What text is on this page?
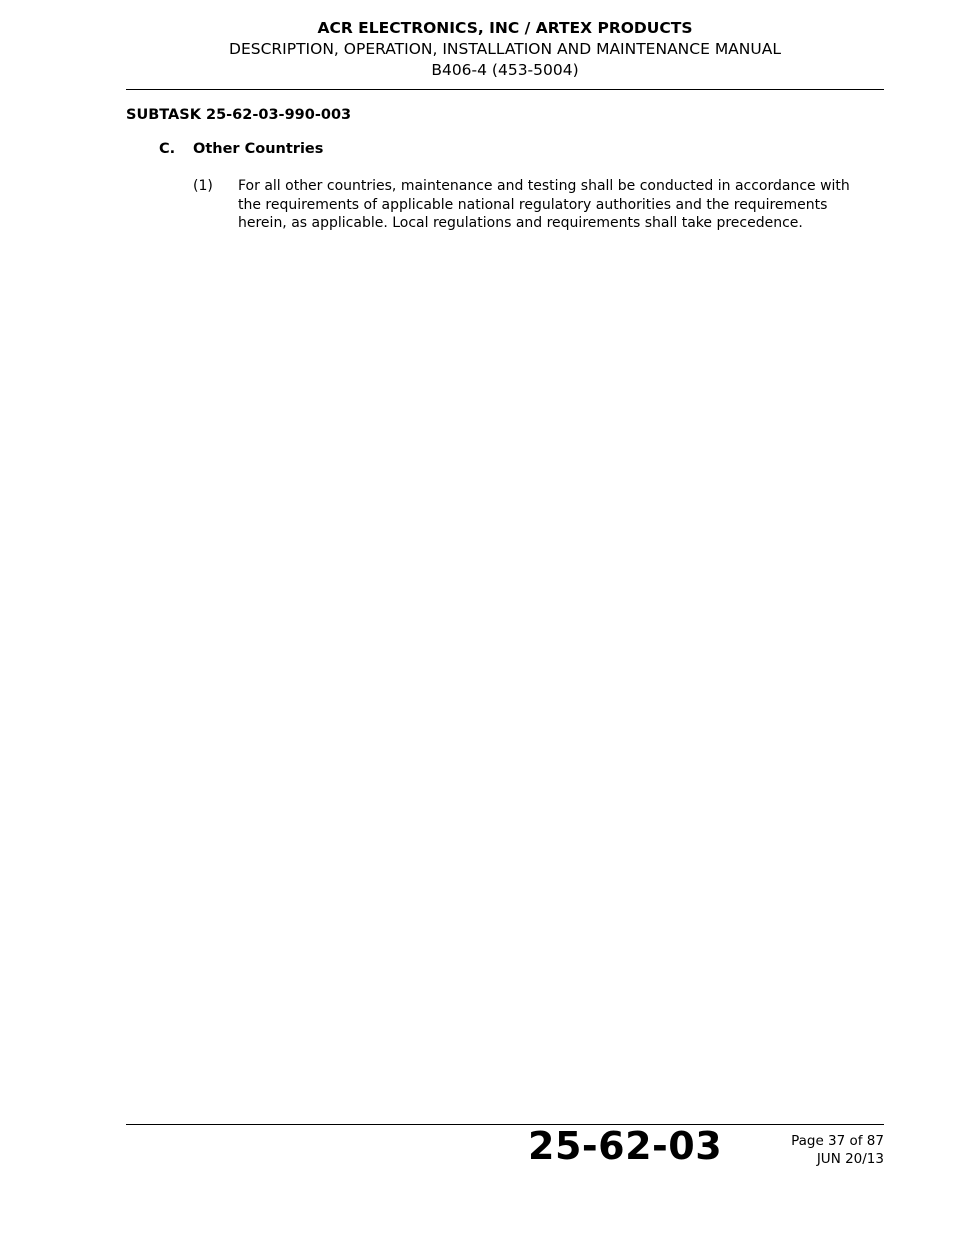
ACR ELECTRONICS, INC / ARTEX PRODUCTS
DESCRIPTION, OPERATION, INSTALLATION AND MAINTENANCE MANUAL
B406-4 (453-5004)
SUBTASK 25-62-03-990-003
C. Other Countries
(1) For all other countries, maintenance and testing shall be conducted in accordance with the requirements of applicable national regulatory authorities and the requirements herein, as applicable. Local regulations and requirements shall take precedence.
25-62-03	Page 37 of 87
JUN 20/13
